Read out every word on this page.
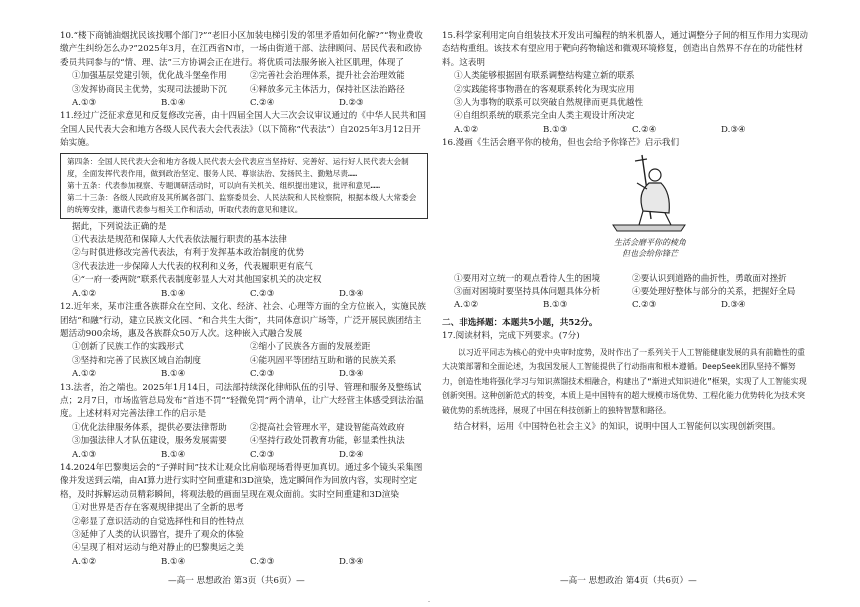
10.“楼下商铺油烟扰民该找哪个部门?”“老旧小区加装电梯引发的邻里矛盾如何化解?”“物业费收缴产生纠纷怎么办?”2025年3月，在江西省N市，一场由街道干部、法律顾问、居民代表和政协委员共同参与的“情、理、法”三方协调会正在进行。将优质司法服务嵌入社区肌理，体现了

①加强基层党建引领，优化战斗堡垒作用	②完善社会治理体系，提升社会治理效能
③发挥协商民主优势，实现司法援助下沉	④释放多元主体活力，保持社区法治路径
A.①③	B.①④	C.②④	D.②③

11.经过广泛征求意见和反复修改完善，由十四届全国人大三次会议审议通过的《中华人民共和国全国人民代表大会和地方各级人民代表大会代表法》（以下简称“代表法”）自2025年3月12日开始实施。

第四条：全国人民代表大会和地方各级人民代表大会代表应当坚持好、完善好、运行好人民代表大会制度，全面发挥代表作用，做到政治坚定、服务人民、尊崇法治、发扬民主、勤勉尽责……
第十五条：代表参加视察、专题调研活动时，可以向有关机关、组织提出建议，批评和意见……
第二十三条：各级人民政府及其所属各部门、监察委员会、人民法院和人民检察院，根据本级人大常委会的统筹安排，邀请代表参与相关工作和活动，听取代表的意见和建议。

据此，下列说法正确的是

①代表法是规范和保障人大代表依法履行职责的基本法律
②与时俱进修改完善代表法，有利于发挥基本政治制度的优势
③代表法进一步保障人大代表的权利和义务，代表履职更有底气
④“一府一委两院”联系代表制度彰显人大对其他国家机关的决定权
A.①②	B.①④	C.②③	D.③④

12.近年来，某市注重各族群众在空间、文化、经济、社会、心理等方面的全方位嵌入，实施民族团结“和融”行动，建立民族文化园、“和合共生大街”，共同体意识广场等，广泛开展民族团结主题活动900余场，惠及各族群众50万人次。这种嵌入式融合发展

①创新了民族工作的实践形式	②缩小了民族各方面的发展差距
③坚持和完善了民族区域自治制度	④能巩固平等团结互助和谐的民族关系
A.①②	B.①④	C.②③	D.③④

13.法者，治之端也。2025年1月14日，司法部持续深化律师队伍的引导、管理和服务及整练试点；2月7日，市场监管总局发布“首违不罚”“轻微免罚”两个清单，让广大经营主体感受到法治温度。上述材料对完善法律工作的启示是

①优化法律服务体系，提供必要法律帮助	②提高社会管理水平，建设智能高效政府
③加强法律人才队伍建设，服务发展需要	④坚持行政处罚教育功能，彰显柔性执法
A.①③	B.①④	C.②③	D.②④

14.2024年巴黎奥运会的“子弹时间”技术让观众比肩临现场看得更加真切。通过多个镜头采集图像并发送到云端，由AI算力进行实时空间重建和3D渲染，选定瞬间作为回放内容，实现时空定格，及时拆解运动员精彩瞬间，将观法般的画面呈现在观众面前。实时空间重建和3D渲染

①对世界是否存在客观规律提出了全新的思考
②彰显了意识活动的自觉选择性和目的性特点
③延伸了人类的认识器官，提升了观众的体验
④呈现了相对运动与绝对静止的巴黎奥运之美
A.①②	B.①④	C.②③	D.③④

15.科学家利用定向自组装技术开发出可编程的纳米机器人，通过调整分子间的相互作用力实现动态结构重组。该技术有望应用于靶向药物输送和微观环境修复，创造出自然界不存在的功能性材料。这表明

①人类能够根据固有联系调整结构建立新的联系
②实践能将事物潜在的客观联系转化为现实应用
③人为事物的联系可以突破自然规律而更具优越性
④自组织系统的联系完全由人类主观设计所决定
A.①②	B.①③	C.②④	D.③④

16.漫画《生活会磨平你的棱角，但也会给予你锋芒》启示我们

生活会磨平你的棱角
但也会给你锋芒
①要用对立统一的观点看待人生的困境	②要认识到道路的曲折性，勇敢面对挫折
③面对困境时要坚持具体问题具体分析	④要处理好整体与部分的关系，把握好全局
A.①②	B.①③	C.②③	D.③④
二、非选择题：本题共5小题，共52分。

17.阅读材料，完成下列要求。(7分)

以习近平同志为核心的党中央审时度势，及时作出了一系列关于人工智能健康发展的具有前瞻性的重大决策部署和全面论述，为我国发展人工智能提供了行动指南和根本遵循。DeepSeek团队坚持不懈努力，创造性地将强化学习与知识蒸馏技术相融合，构建出了“渐进式知识进化”框架，实现了人工智能实现创新突围。这种创新范式的转变，本质上是中国特有的超大规模市场优势、工程化能力优势转化为技术突破优势的系统选择，展现了中国在科技创新上的独特智慧和路径。

结合材料，运用《中国特色社会主义》的知识，说明中国人工智能何以实现创新突围。

—高一 思想政治 第3页（共6页）—	—高一 思想政治 第4页（共6页）—
-
